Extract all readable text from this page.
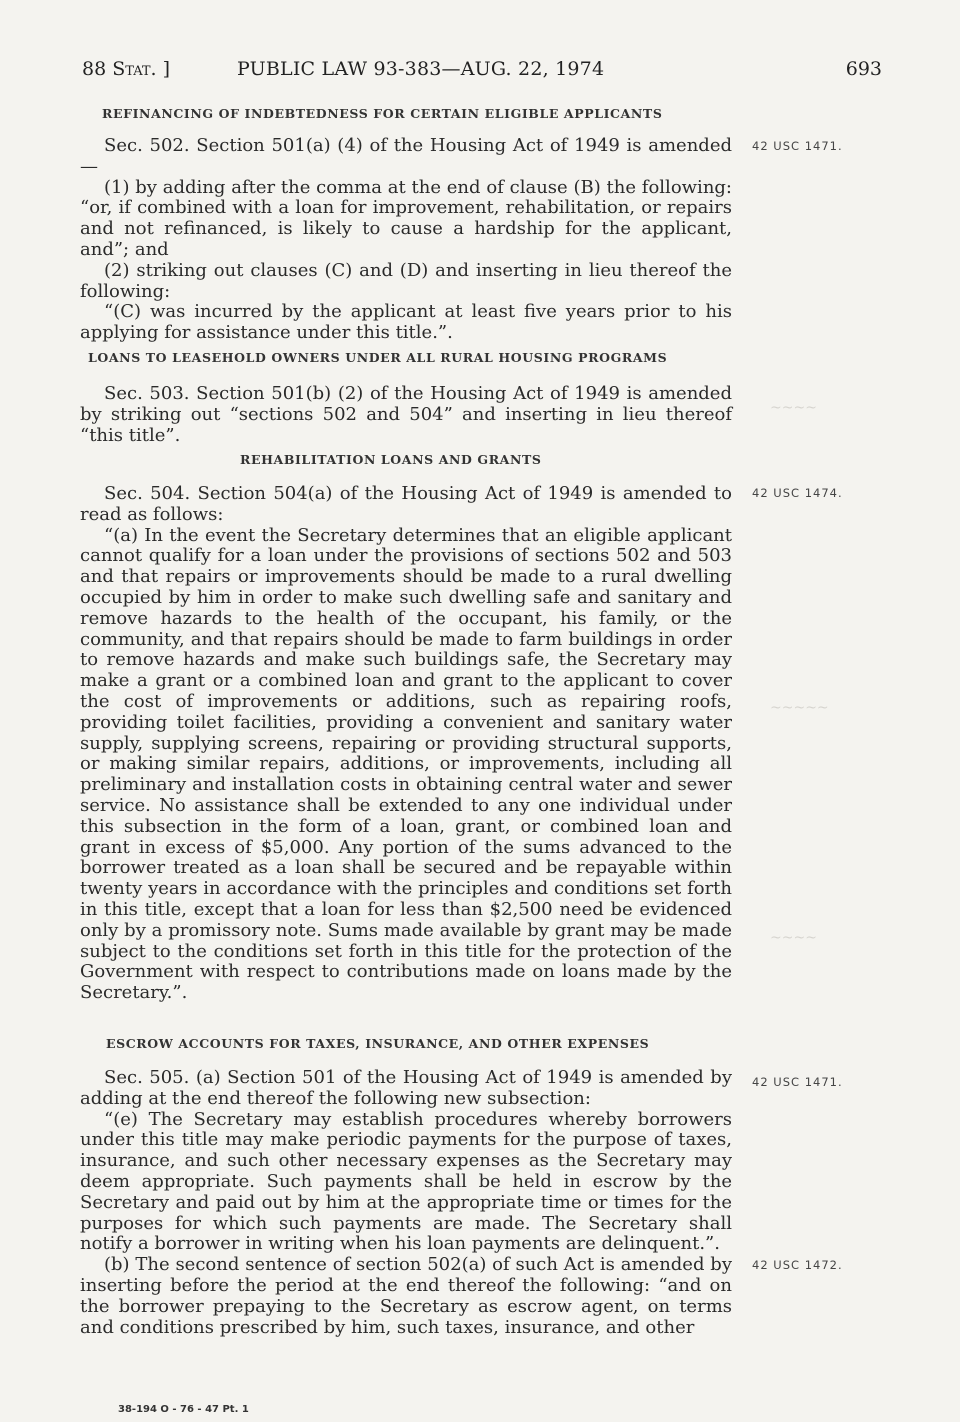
~~~~
~~~~~
~~~~
88 Stat. ]	PUBLIC LAW 93-383—AUG. 22, 1974	693
REFINANCING OF INDEBTEDNESS FOR CERTAIN ELIGIBLE APPLICANTS

Sec. 502. Section 501(a) (4) of the Housing Act of 1949 is amended—

(1) by adding after the comma at the end of clause (B) the following: “or, if combined with a loan for improvement, rehabilitation, or repairs and not refinanced, is likely to cause a hardship for the applicant, and”; and

(2) striking out clauses (C) and (D) and inserting in lieu thereof the following:

“(C) was incurred by the applicant at least five years prior to his applying for assistance under this title.”.

42 USC 1471.
LOANS TO LEASEHOLD OWNERS UNDER ALL RURAL HOUSING PROGRAMS

Sec. 503. Section 501(b) (2) of the Housing Act of 1949 is amended by striking out “sections 502 and 504” and inserting in lieu thereof “this title”.

REHABILITATION LOANS AND GRANTS

Sec. 504. Section 504(a) of the Housing Act of 1949 is amended to read as follows:

“(a) In the event the Secretary determines that an eligible applicant cannot qualify for a loan under the provisions of sections 502 and 503 and that repairs or improvements should be made to a rural dwelling occupied by him in order to make such dwelling safe and sanitary and remove hazards to the health of the occupant, his family, or the community, and that repairs should be made to farm buildings in order to remove hazards and make such buildings safe, the Secretary may make a grant or a combined loan and grant to the applicant to cover the cost of improvements or additions, such as repairing roofs, providing toilet facilities, providing a convenient and sanitary water supply, supplying screens, repairing or providing structural supports, or making similar repairs, additions, or improvements, including all preliminary and installation costs in obtaining central water and sewer service. No assistance shall be extended to any one individual under this subsection in the form of a loan, grant, or combined loan and grant in excess of $5,000. Any portion of the sums advanced to the borrower treated as a loan shall be secured and be repayable within twenty years in accordance with the principles and conditions set forth in this title, except that a loan for less than $2,500 need be evidenced only by a promissory note. Sums made available by grant may be made subject to the conditions set forth in this title for the protection of the Government with respect to contributions made on loans made by the Secretary.”.

42 USC 1474.
ESCROW ACCOUNTS FOR TAXES, INSURANCE, AND OTHER EXPENSES

Sec. 505. (a) Section 501 of the Housing Act of 1949 is amended by adding at the end thereof the following new subsection:

“(e) The Secretary may establish procedures whereby borrowers under this title may make periodic payments for the purpose of taxes, insurance, and such other necessary expenses as the Secretary may deem appropriate. Such payments shall be held in escrow by the Secretary and paid out by him at the appropriate time or times for the purposes for which such payments are made. The Secretary shall notify a borrower in writing when his loan payments are delinquent.”.

(b) The second sentence of section 502(a) of such Act is amended by inserting before the period at the end thereof the following: “and on the borrower prepaying to the Secretary as escrow agent, on terms and conditions prescribed by him, such taxes, insurance, and other

42 USC 1471.
42 USC 1472.
38-194 O - 76 - 47 Pt. 1
